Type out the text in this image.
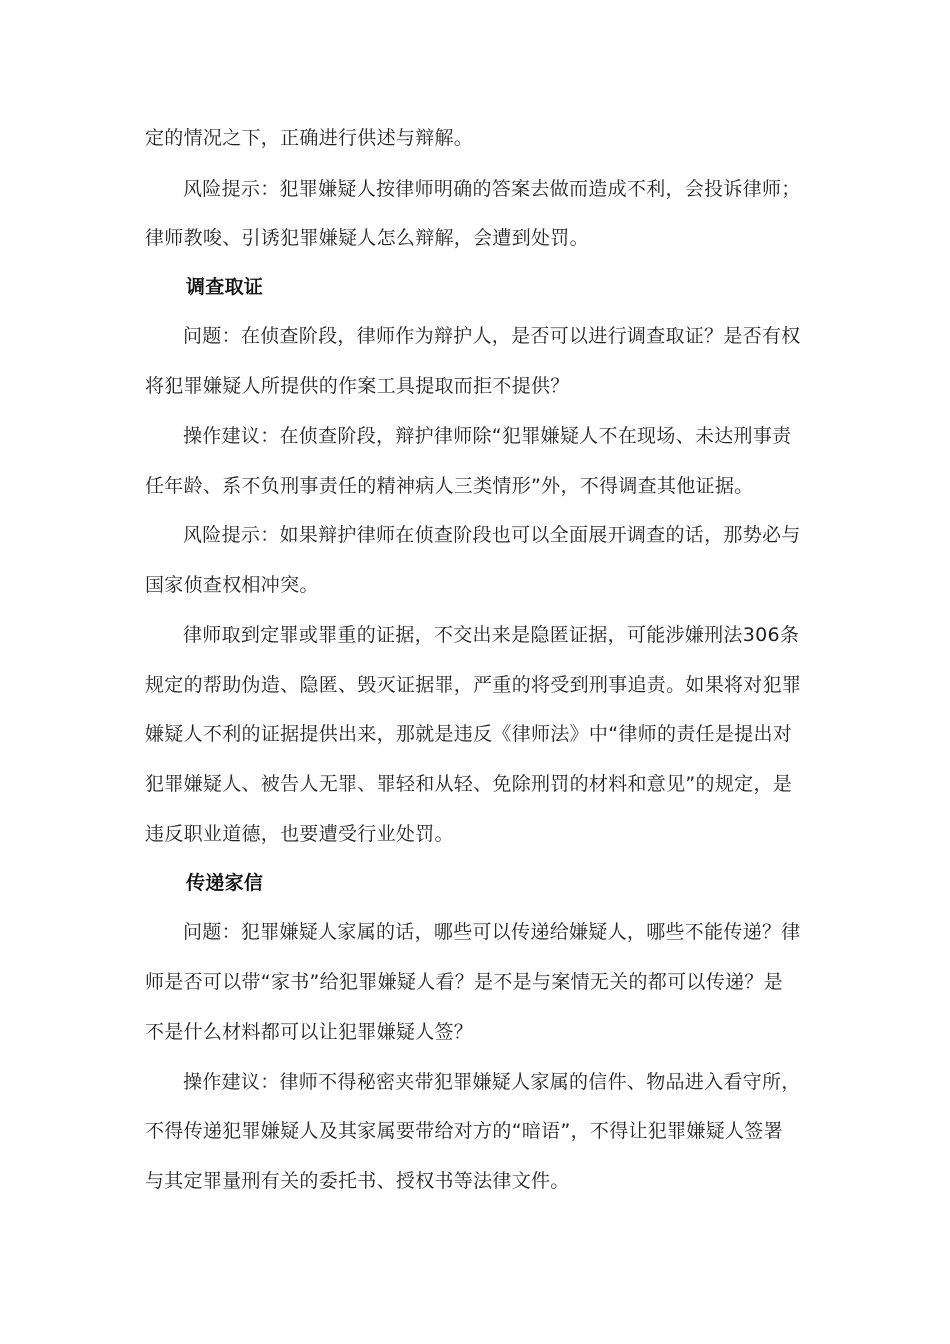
定的情况之下，正确进行供述与辩解。
风险提示：犯罪嫌疑人按律师明确的答案去做而造成不利，会投诉律师；
律师教唆、引诱犯罪嫌疑人怎么辩解，会遭到处罚。
调查取证
问题：在侦查阶段，律师作为辩护人，是否可以进行调查取证？是否有权
将犯罪嫌疑人所提供的作案工具提取而拒不提供？
操作建议：在侦查阶段，辩护律师除“犯罪嫌疑人不在现场、未达刑事责
任年龄、系不负刑事责任的精神病人三类情形”外，不得调查其他证据。
风险提示：如果辩护律师在侦查阶段也可以全面展开调查的话，那势必与
国家侦查权相冲突。
律师取到定罪或罪重的证据，不交出来是隐匿证据，可能涉嫌刑法306条
规定的帮助伪造、隐匿、毁灭证据罪，严重的将受到刑事追责。如果将对犯罪
嫌疑人不利的证据提供出来，那就是违反《律师法》中“律师的责任是提出对
犯罪嫌疑人、被告人无罪、罪轻和从轻、免除刑罚的材料和意见”的规定，是
违反职业道德，也要遭受行业处罚。
传递家信
问题：犯罪嫌疑人家属的话，哪些可以传递给嫌疑人，哪些不能传递？律
师是否可以带“家书”给犯罪嫌疑人看？是不是与案情无关的都可以传递？是
不是什么材料都可以让犯罪嫌疑人签？
操作建议：律师不得秘密夹带犯罪嫌疑人家属的信件、物品进入看守所，
不得传递犯罪嫌疑人及其家属要带给对方的“暗语”，不得让犯罪嫌疑人签署
与其定罪量刑有关的委托书、授权书等法律文件。
